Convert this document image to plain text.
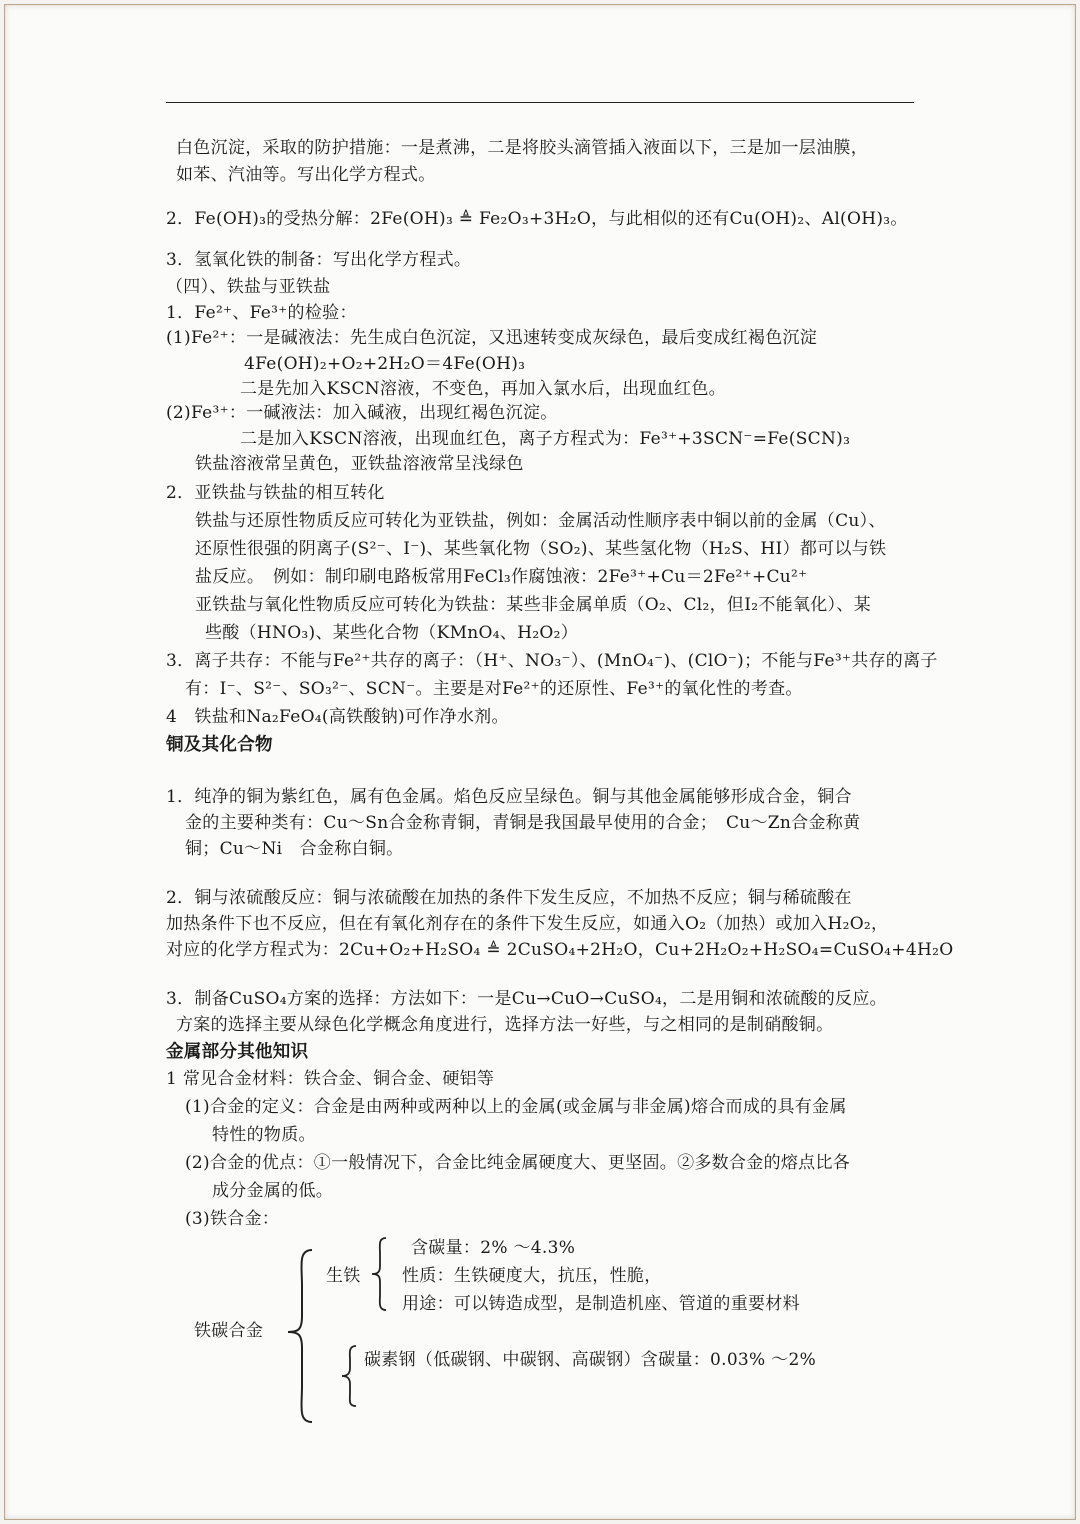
白色沉淀，采取的防护措施：一是煮沸，二是将胶头滴管插入液面以下，三是加一层油膜，
如苯、汽油等。写出化学方程式。
2．Fe(OH)₃的受热分解：2Fe(OH)₃ ≜ Fe₂O₃+3H₂O，与此相似的还有Cu(OH)₂、Al(OH)₃。
3．氢氧化铁的制备：写出化学方程式。
（四）、铁盐与亚铁盐
1．Fe²⁺、Fe³⁺的检验：
(1)Fe²⁺：一是碱液法：先生成白色沉淀，又迅速转变成灰绿色，最后变成红褐色沉淀
4Fe(OH)₂+O₂+2H₂O＝4Fe(OH)₃
二是先加入KSCN溶液，不变色，再加入氯水后，出现血红色。
(2)Fe³⁺：一碱液法：加入碱液，出现红褐色沉淀。
二是加入KSCN溶液，出现血红色，离子方程式为：Fe³⁺+3SCN⁻=Fe(SCN)₃
铁盐溶液常呈黄色，亚铁盐溶液常呈浅绿色
2．亚铁盐与铁盐的相互转化
铁盐与还原性物质反应可转化为亚铁盐，例如：金属活动性顺序表中铜以前的金属（Cu）、
还原性很强的阴离子(S²⁻、I⁻)、某些氧化物（SO₂)、某些氢化物（H₂S、HI）都可以与铁
盐反应。　例如：制印刷电路板常用FeCl₃作腐蚀液：2Fe³⁺+Cu＝2Fe²⁺+Cu²⁺
亚铁盐与氧化性物质反应可转化为铁盐：某些非金属单质（O₂、Cl₂，但I₂不能氧化）、某
些酸（HNO₃)、某些化合物（KMnO₄、H₂O₂）
3．离子共存：不能与Fe²⁺共存的离子：（H⁺、NO₃⁻）、(MnO₄⁻)、(ClO⁻)；不能与Fe³⁺共存的离子
有：I⁻、S²⁻、SO₃²⁻、SCN⁻。主要是对Fe²⁺的还原性、Fe³⁺的氧化性的考查。
4　铁盐和Na₂FeO₄(高铁酸钠)可作净水剂。
铜及其化合物
1．纯净的铜为紫红色，属有色金属。焰色反应呈绿色。铜与其他金属能够形成合金，铜合
金的主要种类有：Cu～Sn合金称青铜，青铜是我国最早使用的合金；　Cu～Zn合金称黄
铜；Cu～Ni　合金称白铜。
2．铜与浓硫酸反应：铜与浓硫酸在加热的条件下发生反应，不加热不反应；铜与稀硫酸在
加热条件下也不反应，但在有氧化剂存在的条件下发生反应，如通入O₂（加热）或加入H₂O₂，
对应的化学方程式为：2Cu+O₂+H₂SO₄ ≜ 2CuSO₄+2H₂O，Cu+2H₂O₂+H₂SO₄=CuSO₄+4H₂O
3．制备CuSO₄方案的选择：方法如下：一是Cu→CuO→CuSO₄，二是用铜和浓硫酸的反应。
方案的选择主要从绿色化学概念角度进行，选择方法一好些，与之相同的是制硝酸铜。
金属部分其他知识
1 常见合金材料：铁合金、铜合金、硬铝等
(1)合金的定义：合金是由两种或两种以上的金属(或金属与非金属)熔合而成的具有金属
特性的物质。
(2)合金的优点：①一般情况下，合金比纯金属硬度大、更坚固。②多数合金的熔点比各
成分金属的低。
(3)铁合金：
铁碳合金
生铁
含碳量：2% ～4.3%
性质：生铁硬度大，抗压，性脆，
用途：可以铸造成型，是制造机座、管道的重要材料
碳素钢（低碳钢、中碳钢、高碳钢）含碳量：0.03% ～2%
